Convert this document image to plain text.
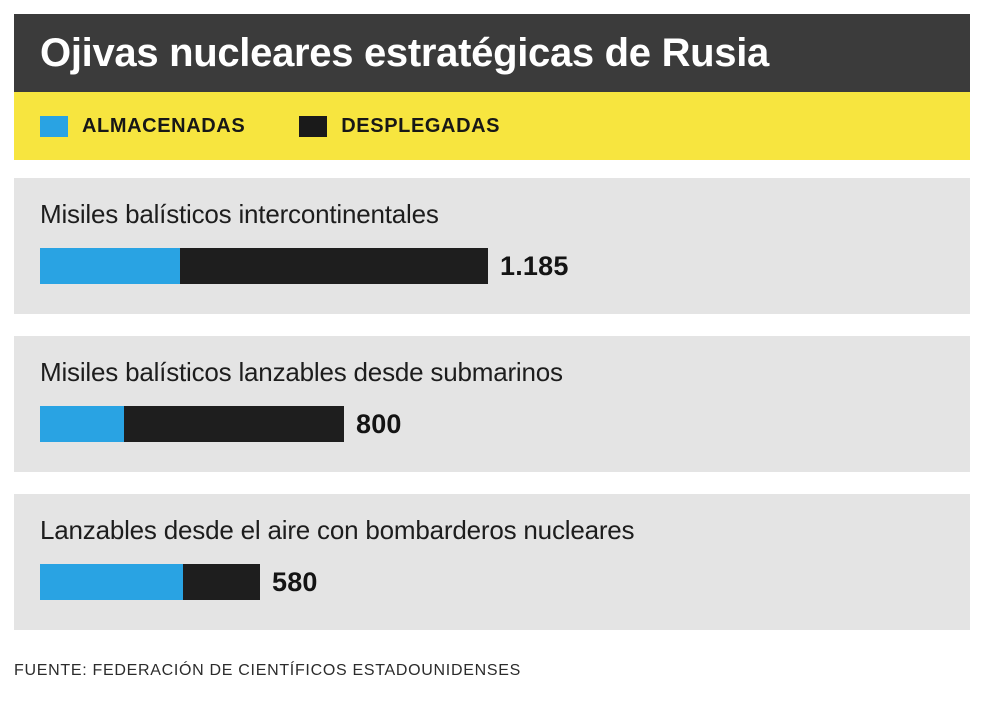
Ojivas nucleares estratégicas de Rusia
ALMACENADAS	DESPLEGADAS
Misiles balísticos intercontinentales
1.185
Misiles balísticos lanzables desde submarinos
800
Lanzables desde el aire con bombarderos nucleares
580
FUENTE: FEDERACIÓN DE CIENTÍFICOS ESTADOUNIDENSES
